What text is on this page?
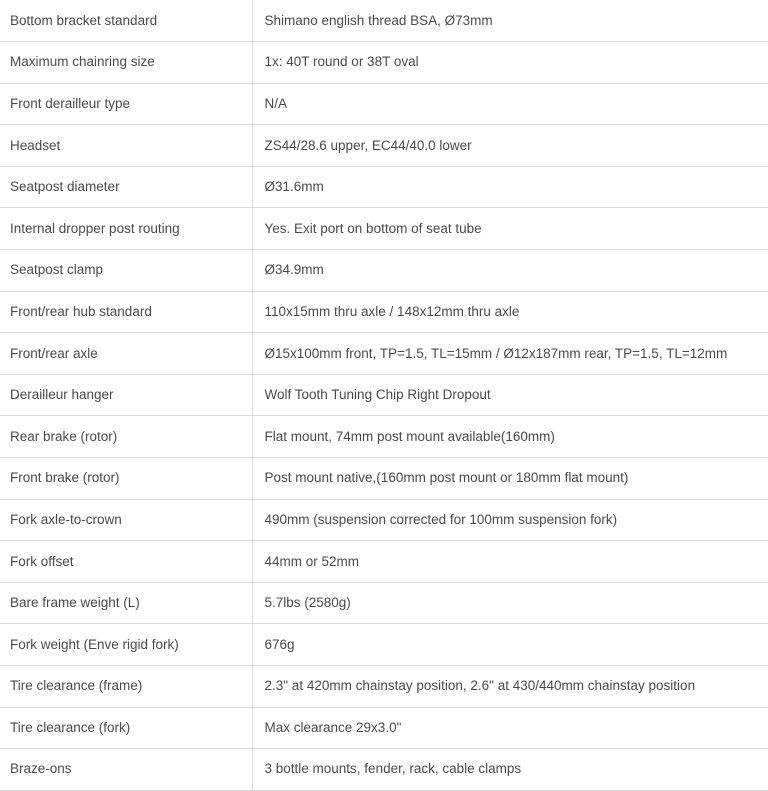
Bottom bracket standard	Shimano english thread BSA, Ø73mm
Maximum chainring size	1x: 40T round or 38T oval
Front derailleur type	N/A
Headset	ZS44/28.6 upper, EC44/40.0 lower
Seatpost diameter	Ø31.6mm
Internal dropper post routing	Yes. Exit port on bottom of seat tube
Seatpost clamp	Ø34.9mm
Front/rear hub standard	110x15mm thru axle / 148x12mm thru axle
Front/rear axle	Ø15x100mm front, TP=1.5, TL=15mm / Ø12x187mm rear, TP=1.5, TL=12mm
Derailleur hanger	Wolf Tooth Tuning Chip Right Dropout
Rear brake (rotor)	Flat mount, 74mm post mount available(160mm)
Front brake (rotor)	Post mount native,(160mm post mount or 180mm flat mount)
Fork axle-to-crown	490mm (suspension corrected for 100mm suspension fork)
Fork offset	44mm or 52mm
Bare frame weight (L)	5.7lbs (2580g)
Fork weight (Enve rigid fork)	676g
Tire clearance (frame)	2.3" at 420mm chainstay position, 2.6" at 430/440mm chainstay position
Tire clearance (fork)	Max clearance 29x3.0"
Braze-ons	3 bottle mounts, fender, rack, cable clamps
